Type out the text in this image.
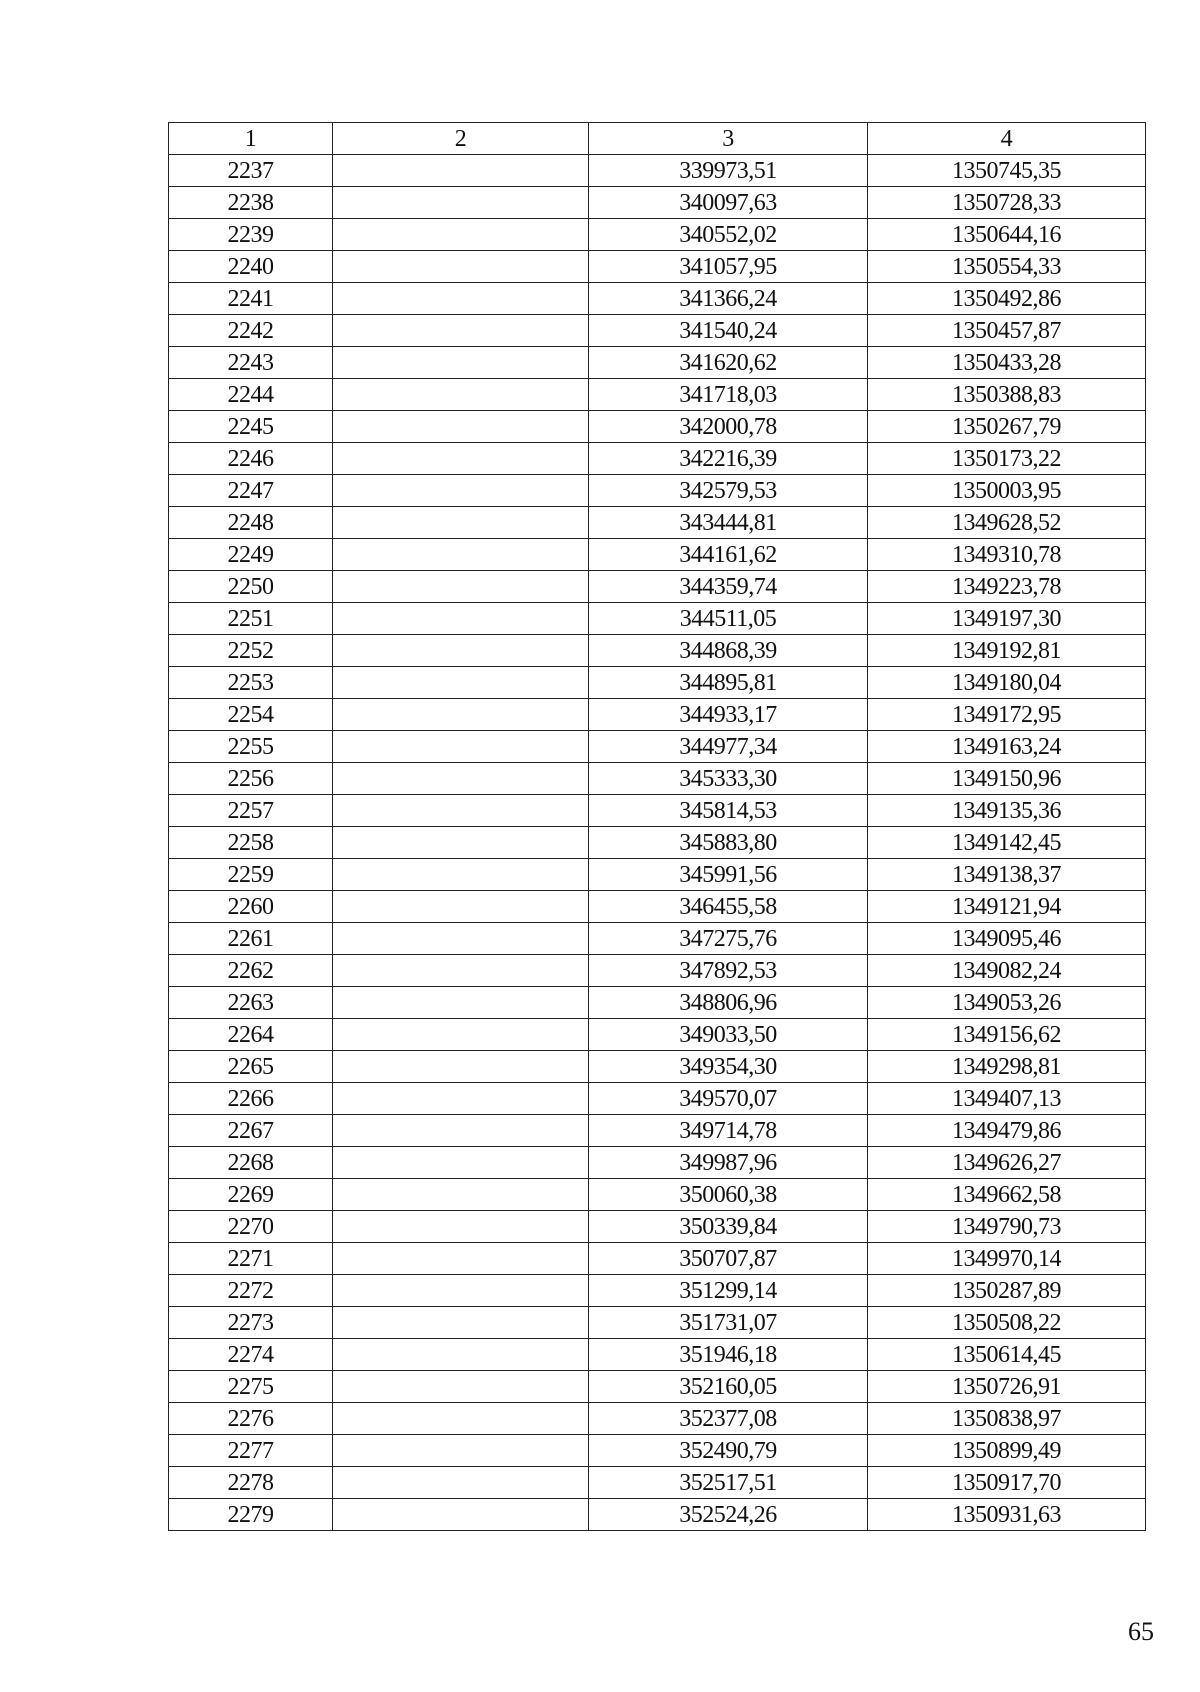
1	2	3	4
2237		339973,51	1350745,35
2238		340097,63	1350728,33
2239		340552,02	1350644,16
2240		341057,95	1350554,33
2241		341366,24	1350492,86
2242		341540,24	1350457,87
2243		341620,62	1350433,28
2244		341718,03	1350388,83
2245		342000,78	1350267,79
2246		342216,39	1350173,22
2247		342579,53	1350003,95
2248		343444,81	1349628,52
2249		344161,62	1349310,78
2250		344359,74	1349223,78
2251		344511,05	1349197,30
2252		344868,39	1349192,81
2253		344895,81	1349180,04
2254		344933,17	1349172,95
2255		344977,34	1349163,24
2256		345333,30	1349150,96
2257		345814,53	1349135,36
2258		345883,80	1349142,45
2259		345991,56	1349138,37
2260		346455,58	1349121,94
2261		347275,76	1349095,46
2262		347892,53	1349082,24
2263		348806,96	1349053,26
2264		349033,50	1349156,62
2265		349354,30	1349298,81
2266		349570,07	1349407,13
2267		349714,78	1349479,86
2268		349987,96	1349626,27
2269		350060,38	1349662,58
2270		350339,84	1349790,73
2271		350707,87	1349970,14
2272		351299,14	1350287,89
2273		351731,07	1350508,22
2274		351946,18	1350614,45
2275		352160,05	1350726,91
2276		352377,08	1350838,97
2277		352490,79	1350899,49
2278		352517,51	1350917,70
2279		352524,26	1350931,63
65
